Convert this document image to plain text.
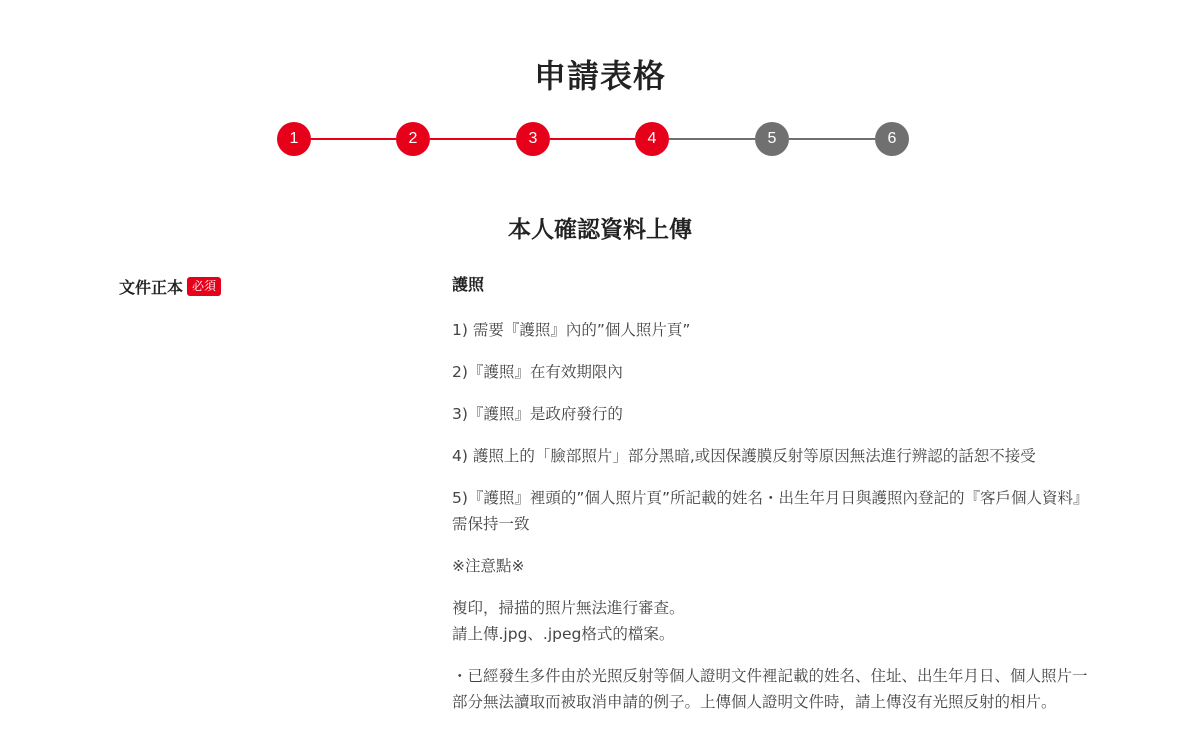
申請表格
1	2	3	4	5	6
本人確認資料上傳
文件正本 必須	護照

1) 需要『護照』內的”個人照片頁”

2)『護照』在有效期限內

3)『護照』是政府發行的

4) 護照上的「臉部照片」部分黑暗,或因保護膜反射等原因無法進行辨認的話恕不接受

5)『護照』裡頭的”個人照片頁”所記載的姓名・出生年月日與護照內登記的『客戶個人資料』需保持一致

※注意點※

複印，掃描的照片無法進行審查。
請上傳.jpg、.jpeg格式的檔案。

・已經發生多件由於光照反射等個人證明文件裡記載的姓名、住址、出生年月日、個人照片一部分無法讀取而被取消申請的例子。上傳個人證明文件時，請上傳沒有光照反射的相片。
